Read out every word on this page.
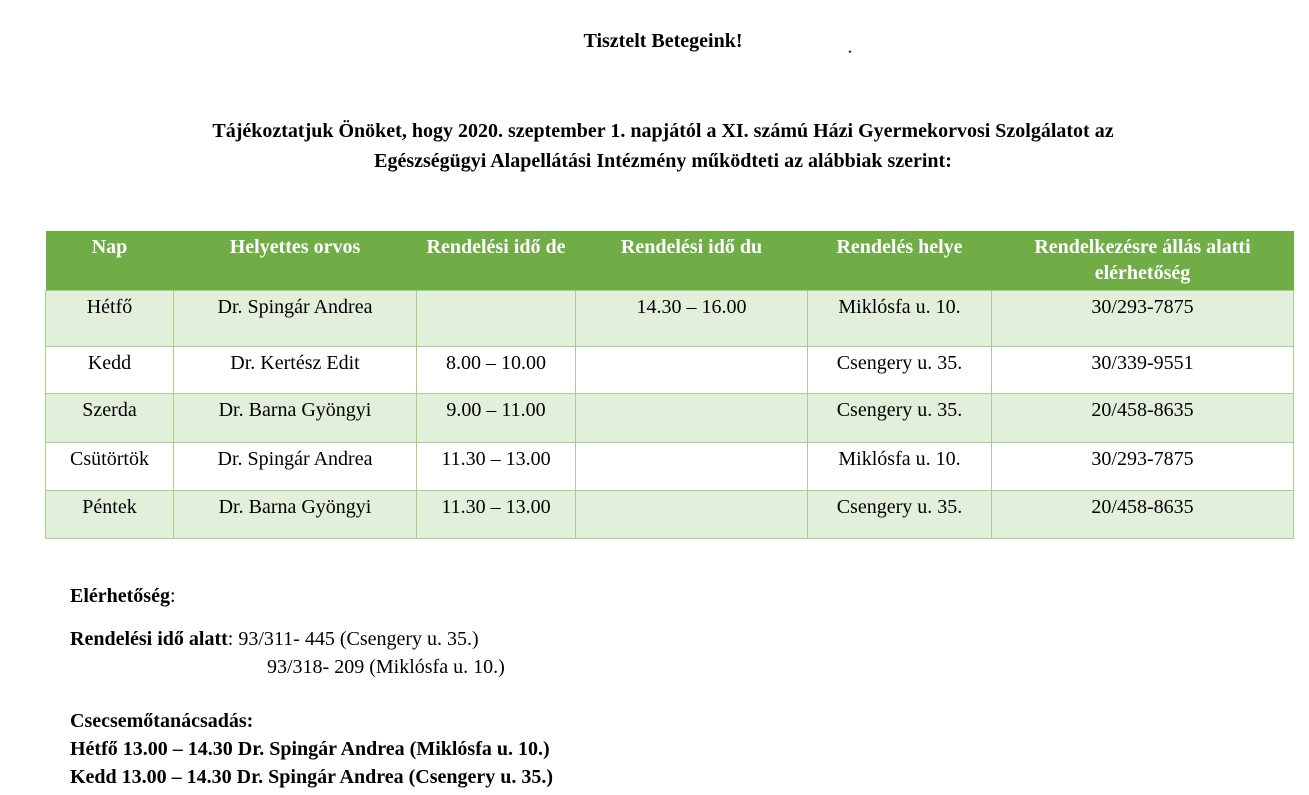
Tisztelt Betegeink!	.
Tájékoztatjuk Önöket, hogy 2020. szeptember 1. napjától a XI. számú Házi Gyermekorvosi Szolgálatot az
Egészségügyi Alapellátási Intézmény működteti az alábbiak szerint:
Nap	Helyettes orvos	Rendelési idő de	Rendelési idő du	Rendelés helye	Rendelkezésre állás alatti elérhetőség
Hétfő	Dr. Spingár Andrea		14.30 – 16.00	Miklósfa u. 10.	30/293-7875
Kedd	Dr. Kertész Edit	8.00 – 10.00		Csengery u. 35.	30/339-9551
Szerda	Dr. Barna Gyöngyi	9.00 – 11.00		Csengery u. 35.	20/458-8635
Csütörtök	Dr. Spingár Andrea	11.30 – 13.00		Miklósfa u. 10.	30/293-7875
Péntek	Dr. Barna Gyöngyi	11.30 – 13.00		Csengery u. 35.	20/458-8635
Elérhetőség:
Rendelési idő alatt: 93/311- 445 (Csengery u. 35.)
93/318- 209 (Miklósfa u. 10.)
Csecsemőtanácsadás:
Hétfő 13.00 – 14.30 Dr. Spingár Andrea (Miklósfa u. 10.)
Kedd 13.00 – 14.30 Dr. Spingár Andrea (Csengery u. 35.)
